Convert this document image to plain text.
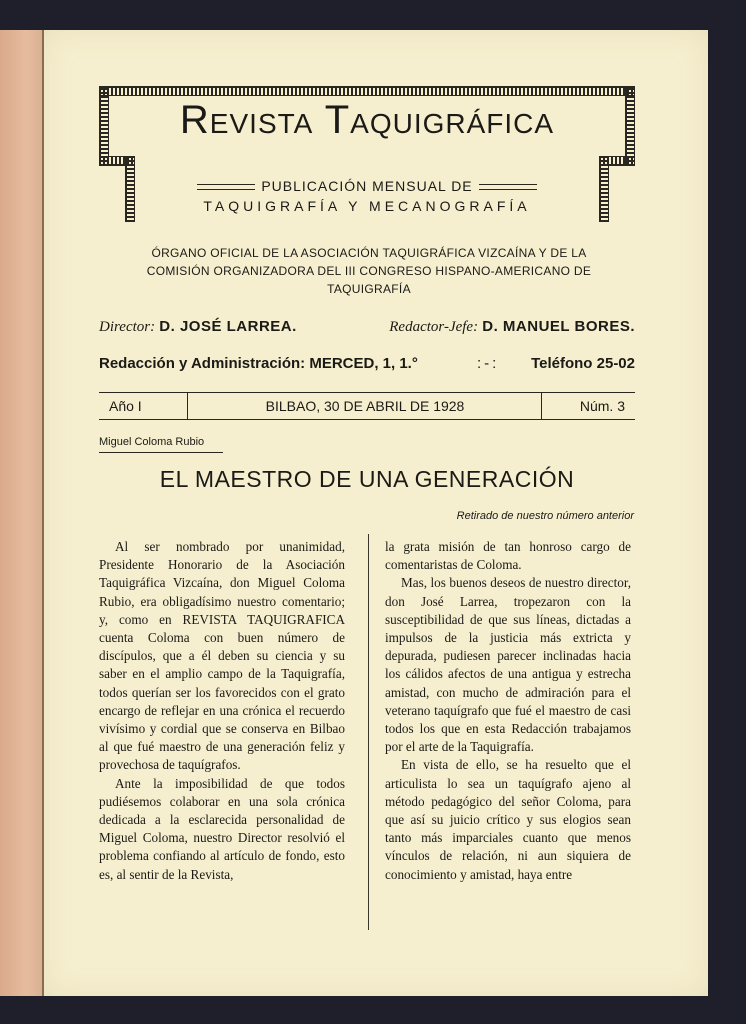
Revista Taquigráfica
PUBLICACIÓN MENSUAL DE
TAQUIGRAFÍA Y MECANOGRAFÍA
ÓRGANO OFICIAL DE LA ASOCIACIÓN TAQUIGRÁFICA VIZCAÍNA Y DE LA
COMISIÓN ORGANIZADORA DEL III CONGRESO HISPANO-AMERICANO DE
TAQUIGRAFÍA
Director: D. JOSÉ LARREA.	Redactor-Jefe: D. MANUEL BORES.
Redacción y Administración: MERCED, 1, 1.°	:-: Teléfono 25-02
Año I	BILBAO, 30 DE ABRIL DE 1928	Núm. 3
Miguel Coloma Rubio
EL MAESTRO DE UNA GENERACIÓN
Retirado de nuestro número anterior

Al ser nombrado por unanimidad, Presidente Honorario de la Asociación Taquigráfica Vizcaína, don Miguel Coloma Rubio, era obligadísimo nuestro comentario; y, como en REVISTA TAQUIGRAFICA cuenta Coloma con buen número de discípulos, que a él deben su ciencia y su saber en el amplio campo de la Taquigrafía, todos querían ser los favorecidos con el grato encargo de reflejar en una crónica el recuerdo vivísimo y cordial que se conserva en Bilbao al que fué maestro de una generación feliz y provechosa de taquígrafos.

Ante la imposibilidad de que todos pudiésemos colaborar en una sola crónica dedicada a la esclarecida personalidad de Miguel Coloma, nuestro Director resolvió el problema confiando al artículo de fondo, esto es, al sentir de la Revista,

la grata misión de tan honroso cargo de comentaristas de Coloma.

Mas, los buenos deseos de nuestro director, don José Larrea, tropezaron con la susceptibilidad de que sus líneas, dictadas a impulsos de la justicia más extricta y depurada, pudiesen parecer inclinadas hacia los cálidos afectos de una antigua y estrecha amistad, con mucho de admiración para el veterano taquígrafo que fué el maestro de casi todos los que en esta Redacción trabajamos por el arte de la Taquigrafía.

En vista de ello, se ha resuelto que el articulista lo sea un taquígrafo ajeno al método pedagógico del señor Coloma, para que así su juicio crítico y sus elogios sean tanto más imparciales cuanto que menos vínculos de relación, ni aun siquiera de conocimiento y amistad, haya entre
